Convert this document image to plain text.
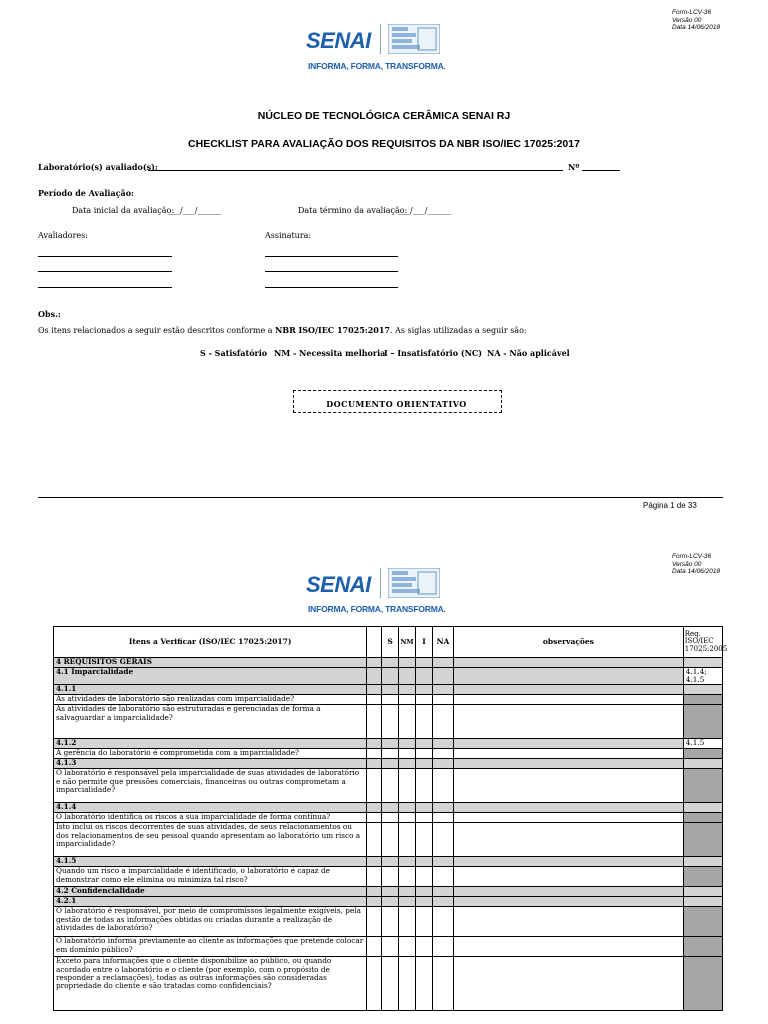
Form-LCV-36
Versão 00
Data 14/06/2018
SENAI
INFORMA, FORMA, TRANSFORMA.
NÚCLEO DE TECNOLÓGICA CERÂMICA SENAI RJ
CHECKLIST PARA AVALIAÇÃO DOS REQUISITOS DA NBR ISO/IEC 17025:2017
Laboratório(s) avaliado(s):	Nº
Período de Avaliação:
Data inicial da avaliação:
___/___/______	Data término da avaliação:
___/___/______
Avaliadores:	Assinatura:
Obs.:
Os itens relacionados a seguir estão descritos conforme a NBR ISO/IEC 17025:2017. As siglas utilizadas a seguir são:
S - Satisfatório NM - Necessita melhoria
I – Insatisfatório (NC) NA - Não aplicável
DOCUMENTO ORIENTATIVO
Página 1 de 33
Form-LCV-36
Versão 00
Data 14/06/2018
SENAI
INFORMA, FORMA, TRANSFORMA.
Itens a Verificar (ISO/IEC 17025:2017)		S	NM	I	NA	observações	Req. ISO/IEC 17025:2005
4 REQUISITOS GERAIS							
4.1 Imparcialidade							4.1.4; 4.1.5
4.1.1							
As atividades de laboratório são realizadas com imparcialidade?							
As atividades de laboratório são estruturadas e gerenciadas de forma a salvaguardar a imparcialidade?							
4.1.2							4.1.5
A gerência do laboratório é comprometida com a imparcialidade?							
4.1.3							
O laboratório é responsável pela imparcialidade de suas atividades de laboratório e não permite que pressões comerciais, financeiras ou outras comprometam a imparcialidade?							
4.1.4							
O laboratório identifica os riscos a sua imparcialidade de forma contínua?							
Isto inclui os riscos decorrentes de suas atividades, de seus relacionamentos ou dos relacionamentos de seu pessoal quando apresentam ao laboratório um risco a imparcialidade?							
4.1.5							
Quando um risco a imparcialidade é identificado, o laboratório é capaz de demonstrar como ele elimina ou minimiza tal risco?							
4.2 Confidencialidade							
4.2.1							
O laboratório é responsável, por meio de compromissos legalmente exigíveis, pela gestão de todas as informações obtidas ou criadas durante a realização de atividades de laboratório?							
O laboratório informa previamente ao cliente as informações que pretende colocar em domínio público?							
Exceto para informações que o cliente disponibilize ao público, ou quando acordado entre o laboratório e o cliente (por exemplo, com o propósito de responder a reclamações), todas as outras informações são consideradas propriedade do cliente e são tratadas como confidenciais?							
